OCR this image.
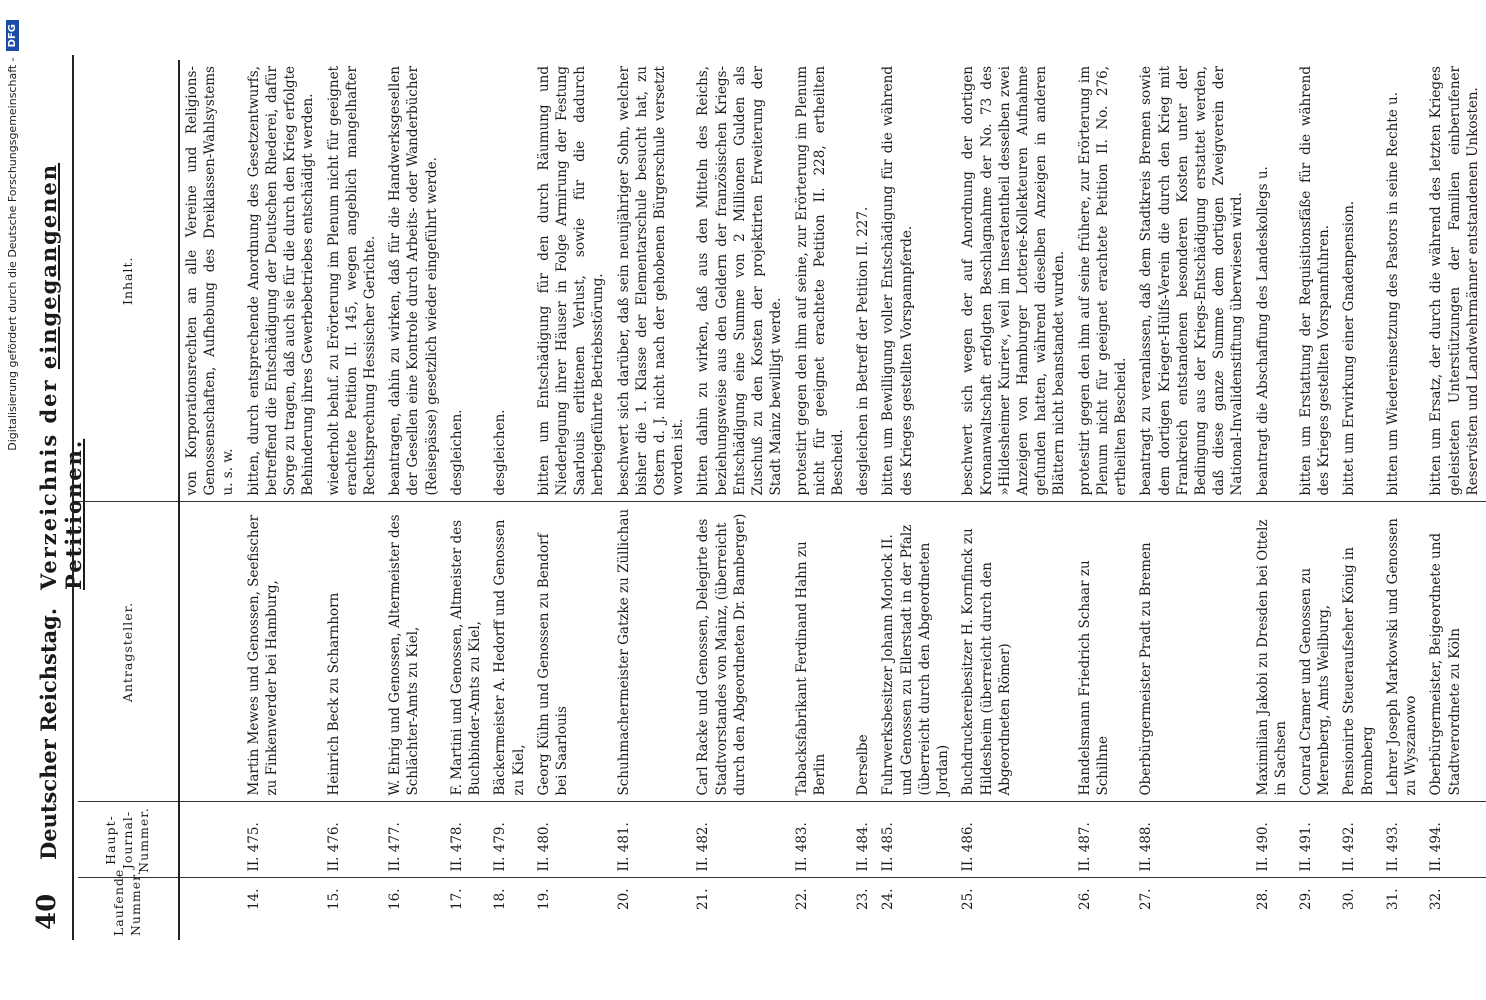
40
Deutscher Reichstag.
Verzeichnis der eingegangenen Petitionen.
Digitalisierung gefördert durch die Deutsche Forschungsgemeinschaft -
DFG
Laufende Nummer.	Haupt-Journal-Nummer.	Antragsteller.	Inhalt.
			von Korporationsrechten an alle Vereine und Religions-Genossenschaften, Aufhebung des Dreiklassen-Wahlsystems u. s. w.
14.	II. 475.	Martin Mewes und Genossen, Seefischer zu Finkenwerder bei Hamburg,	bitten, durch entsprechende Anordnung des Gesetzentwurfs, betreffend die Entschädigung der Deutschen Rhederei, dafür Sorge zu tragen, daß auch sie für die durch den Krieg erfolgte Behinderung ihres Gewerbebetriebes entschädigt werden.
15.	II. 476.	Heinrich Beck zu Scharnhorn	wiederholt behuf. zu Erörterung im Plenum nicht für geeignet erachtete Petition II. 145, wegen angeblich mangelhafter Rechtsprechung Hessischer Gerichte.
16.	II. 477.	W. Ehrig und Genossen, Altermeister des Schlächter-Amts zu Kiel,	beantragen, dahin zu wirken, daß für die Handwerksgesellen der Gesellen eine Kontrole durch Arbeits- oder Wanderbücher (Reisepässe) gesetzlich wieder eingeführt werde.
17.	II. 478.	F. Martini und Genossen, Altmeister des Buchbinder-Amts zu Kiel,	desgleichen.
18.	II. 479.	Bäckermeister A. Hedorff und Genossen zu Kiel,	desgleichen.
19.	II. 480.	Georg Kühn und Genossen zu Bendorf bei Saarlouis	bitten um Entschädigung für den durch Räumung und Niederlegung ihrer Häuser in Folge Armirung der Festung Saarlouis erlittenen Verlust, sowie für die dadurch herbeigeführte Betriebsstörung.
20.	II. 481.	Schuhmachermeister Gatzke zu Züllichau	beschwert sich darüber, daß sein neunjähriger Sohn, welcher bisher die 1. Klasse der Elementarschule besucht hat, zu Ostern d. J. nicht nach der gehobenen Bürgerschule versetzt worden ist.
21.	II. 482.	Carl Racke und Genossen, Delegirte des Stadtvorstandes von Mainz, (überreicht durch den Abgeordneten Dr. Bamberger)	bitten dahin zu wirken, daß aus den Mitteln des Reichs, beziehungsweise aus den Geldern der französischen Kriegs-Entschädigung eine Summe von 2 Millionen Gulden als Zuschuß zu den Kosten der projektirten Erweiterung der Stadt Mainz bewilligt werde.
22.	II. 483.	Tabacksfabrikant Ferdinand Hahn zu Berlin	protestirt gegen den ihm auf seine, zur Erörterung im Plenum nicht für geeignet erachtete Petition II. 228, ertheilten Bescheid.
23.	II. 484.	Derselbe	desgleichen in Betreff der Petition II. 227.
24.	II. 485.	Fuhrwerksbesitzer Johann Morlock II. und Genossen zu Ellerstadt in der Pfalz (überreicht durch den Abgeordneten Jordan)	bitten um Bewilligung voller Entschädigung für die während des Krieges gestellten Vorspannpferde.
25.	II. 486.	Buchdruckereibesitzer H. Kornfinck zu Hildesheim (überreicht durch den Abgeordneten Römer)	beschwert sich wegen der auf Anordnung der dortigen Kronanwaltschaft erfolgten Beschlagnahme der No. 73 des »Hildesheimer Kurier«, weil im Inseratentheil desselben zwei Anzeigen von Hamburger Lotterie-Kollekteuren Aufnahme gefunden hatten, während dieselben Anzeigen in anderen Blättern nicht beanstandet wurden.
26.	II. 487.	Handelsmann Friedrich Schaar zu Schilhne	protestirt gegen den ihm auf seine frühere, zur Erörterung im Plenum nicht für geeignet erachtete Petition II. No. 276, ertheilten Bescheid.
27.	II. 488.	Oberbürgermeister Pradt zu Bremen	beantragt zu veranlassen, daß dem Stadtkreis Bremen sowie dem dortigen Krieger-Hülfs-Verein die durch den Krieg mit Frankreich entstandenen besonderen Kosten unter der Bedingung aus der Kriegs-Entschädigung erstattet werden, daß diese ganze Summe dem dortigen Zweigverein der National-Invalidenstiftung überwiesen wird.
28.	II. 490.	Maximilian Jakobi zu Dresden bei Ottelz in Sachsen	beantragt die Abschaffung des Landeskollegs u.
29.	II. 491.	Conrad Cramer und Genossen zu Merenberg, Amts Weilburg,	bitten um Erstattung der Requisitionsfäße für die während des Krieges gestellten Vorspannfuhren.
30.	II. 492.	Pensionirte Steueraufseher König in Bromberg	bittet um Erwirkung einer Gnadenpension.
31.	II. 493.	Lehrer Joseph Markowski und Genossen zu Wyszanowo	bitten um Wiedereinsetzung des Pastors in seine Rechte u.
32.	II. 494.	Oberbürgermeister, Beigeordnete und Stadtverordnete zu Köln	bitten um Ersatz, der durch die während des letzten Krieges geleisteten Unterstützungen der Familien einberufener Reservisten und Landwehrmänner entstandenen Unkosten.
